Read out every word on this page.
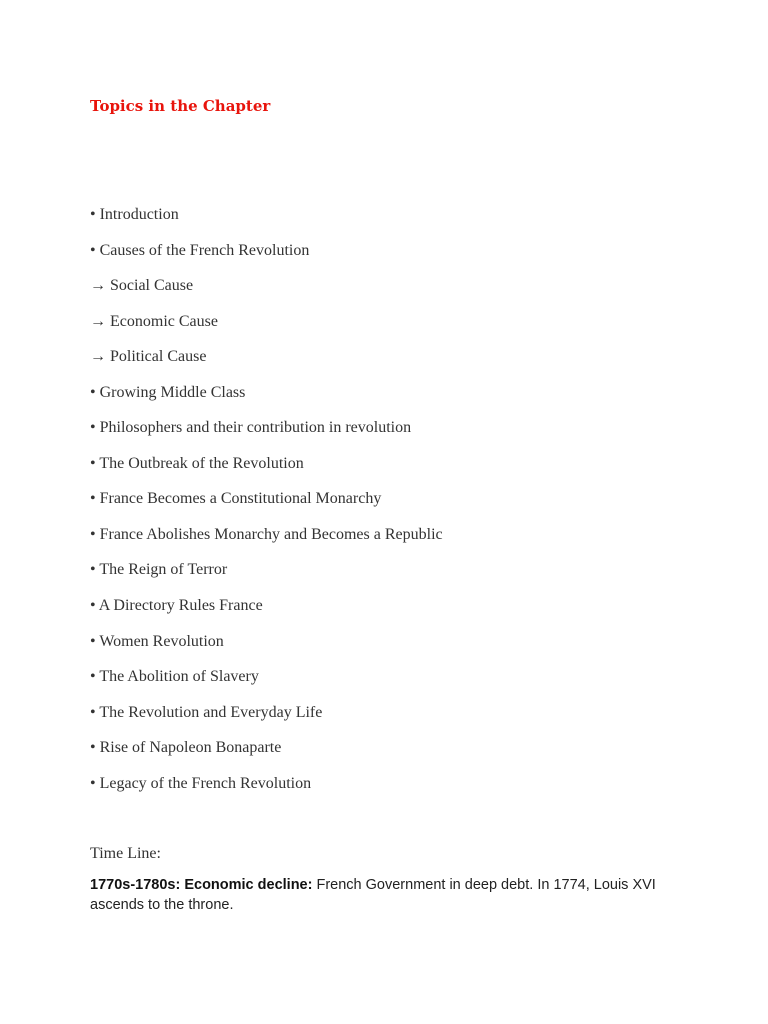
Topics in the Chapter
• Introduction
• Causes of the French Revolution
→ Social Cause
→ Economic Cause
→ Political Cause
• Growing Middle Class
• Philosophers and their contribution in revolution
• The Outbreak of the Revolution
• France Becomes a Constitutional Monarchy
• France Abolishes Monarchy and Becomes a Republic
• The Reign of Terror
• A Directory Rules France
• Women Revolution
• The Abolition of Slavery
• The Revolution and Everyday Life
• Rise of Napoleon Bonaparte
• Legacy of the French Revolution

Time Line:

1770s-1780s: Economic decline: French Government in deep debt. In 1774, Louis XVI ascends to the throne.
